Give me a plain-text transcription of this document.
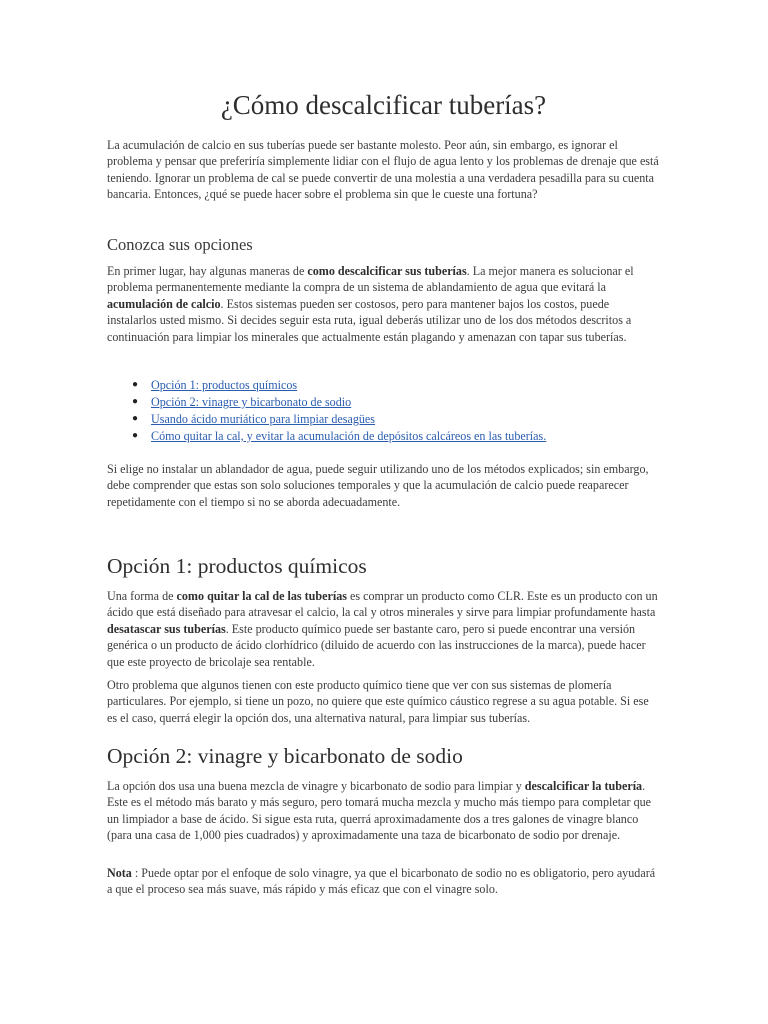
¿Cómo descalcificar tuberías?

La acumulación de calcio en sus tuberías puede ser bastante molesto. Peor aún, sin embargo, es ignorar el problema y pensar que preferiría simplemente lidiar con el flujo de agua lento y los problemas de drenaje que está teniendo. Ignorar un problema de cal se puede convertir de una molestia a una verdadera pesadilla para su cuenta bancaria. Entonces, ¿qué se puede hacer sobre el problema sin que le cueste una fortuna?

Conozca sus opciones

En primer lugar, hay algunas maneras de como descalcificar sus tuberías. La mejor manera es solucionar el problema permanentemente mediante la compra de un sistema de ablandamiento de agua que evitará la acumulación de calcio. Estos sistemas pueden ser costosos, pero para mantener bajos los costos, puede instalarlos usted mismo. Si decides seguir esta ruta, igual deberás utilizar uno de los dos métodos descritos a continuación para limpiar los minerales que actualmente están plagando y amenazan con tapar sus tuberías.

● Opción 1: productos químicos
● Opción 2: vinagre y bicarbonato de sodio
● Usando ácido muriático para limpiar desagües
● Cómo quitar la cal, y evitar la acumulación de depósitos calcáreos en las tuberías.

Si elige no instalar un ablandador de agua, puede seguir utilizando uno de los métodos explicados; sin embargo, debe comprender que estas son solo soluciones temporales y que la acumulación de calcio puede reaparecer repetidamente con el tiempo si no se aborda adecuadamente.

Opción 1: productos químicos

Una forma de como quitar la cal de las tuberías es comprar un producto como CLR. Este es un producto con un ácido que está diseñado para atravesar el calcio, la cal y otros minerales y sirve para limpiar profundamente hasta desatascar sus tuberías. Este producto químico puede ser bastante caro, pero si puede encontrar una versión genérica o un producto de ácido clorhídrico (diluido de acuerdo con las instrucciones de la marca), puede hacer que este proyecto de bricolaje sea rentable.

Otro problema que algunos tienen con este producto químico tiene que ver con sus sistemas de plomería particulares. Por ejemplo, si tiene un pozo, no quiere que este químico cáustico regrese a su agua potable. Si ese es el caso, querrá elegir la opción dos, una alternativa natural, para limpiar sus tuberías.

Opción 2: vinagre y bicarbonato de sodio

La opción dos usa una buena mezcla de vinagre y bicarbonato de sodio para limpiar y descalcificar la tubería. Este es el método más barato y más seguro, pero tomará mucha mezcla y mucho más tiempo para completar que un limpiador a base de ácido. Si sigue esta ruta, querrá aproximadamente dos a tres galones de vinagre blanco (para una casa de 1,000 pies cuadrados) y aproximadamente una taza de bicarbonato de sodio por drenaje.

Nota : Puede optar por el enfoque de solo vinagre, ya que el bicarbonato de sodio no es obligatorio, pero ayudará a que el proceso sea más suave, más rápido y más eficaz que con el vinagre solo.
